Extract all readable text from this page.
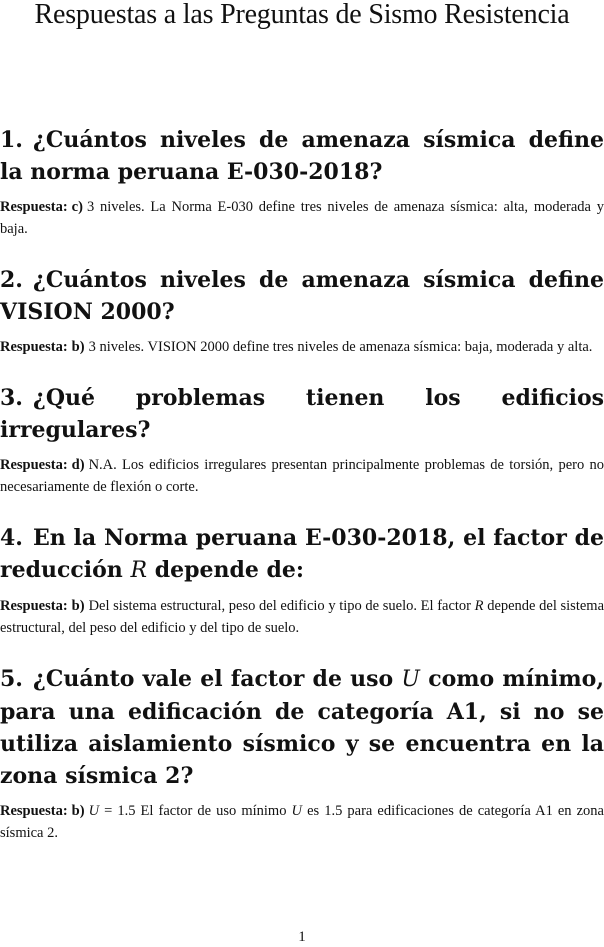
Respuestas a las Preguntas de Sismo Resistencia
1. ¿Cuántos niveles de amenaza sísmica define la norma peruana E-030-2018?

Respuesta: c) 3 niveles. La Norma E-030 define tres niveles de amenaza sísmica: alta, moderada y baja.

2. ¿Cuántos niveles de amenaza sísmica define VISION 2000?

Respuesta: b) 3 niveles. VISION 2000 define tres niveles de amenaza sísmica: baja, moderada y alta.

3. ¿Qué problemas tienen los edificios irregulares?

Respuesta: d) N.A. Los edificios irregulares presentan principalmente problemas de torsión, pero no necesariamente de flexión o corte.

4. En la Norma peruana E-030-2018, el factor de reducción R depende de:

Respuesta: b) Del sistema estructural, peso del edificio y tipo de suelo. El factor R depende del sistema estructural, del peso del edificio y del tipo de suelo.

5. ¿Cuánto vale el factor de uso U como mínimo, para una edificación de categoría A1, si no se utiliza aislamiento sísmico y se encuentra en la zona sísmica 2?

Respuesta: b) U = 1.5 El factor de uso mínimo U es 1.5 para edificaciones de categoría A1 en zona sísmica 2.

1
